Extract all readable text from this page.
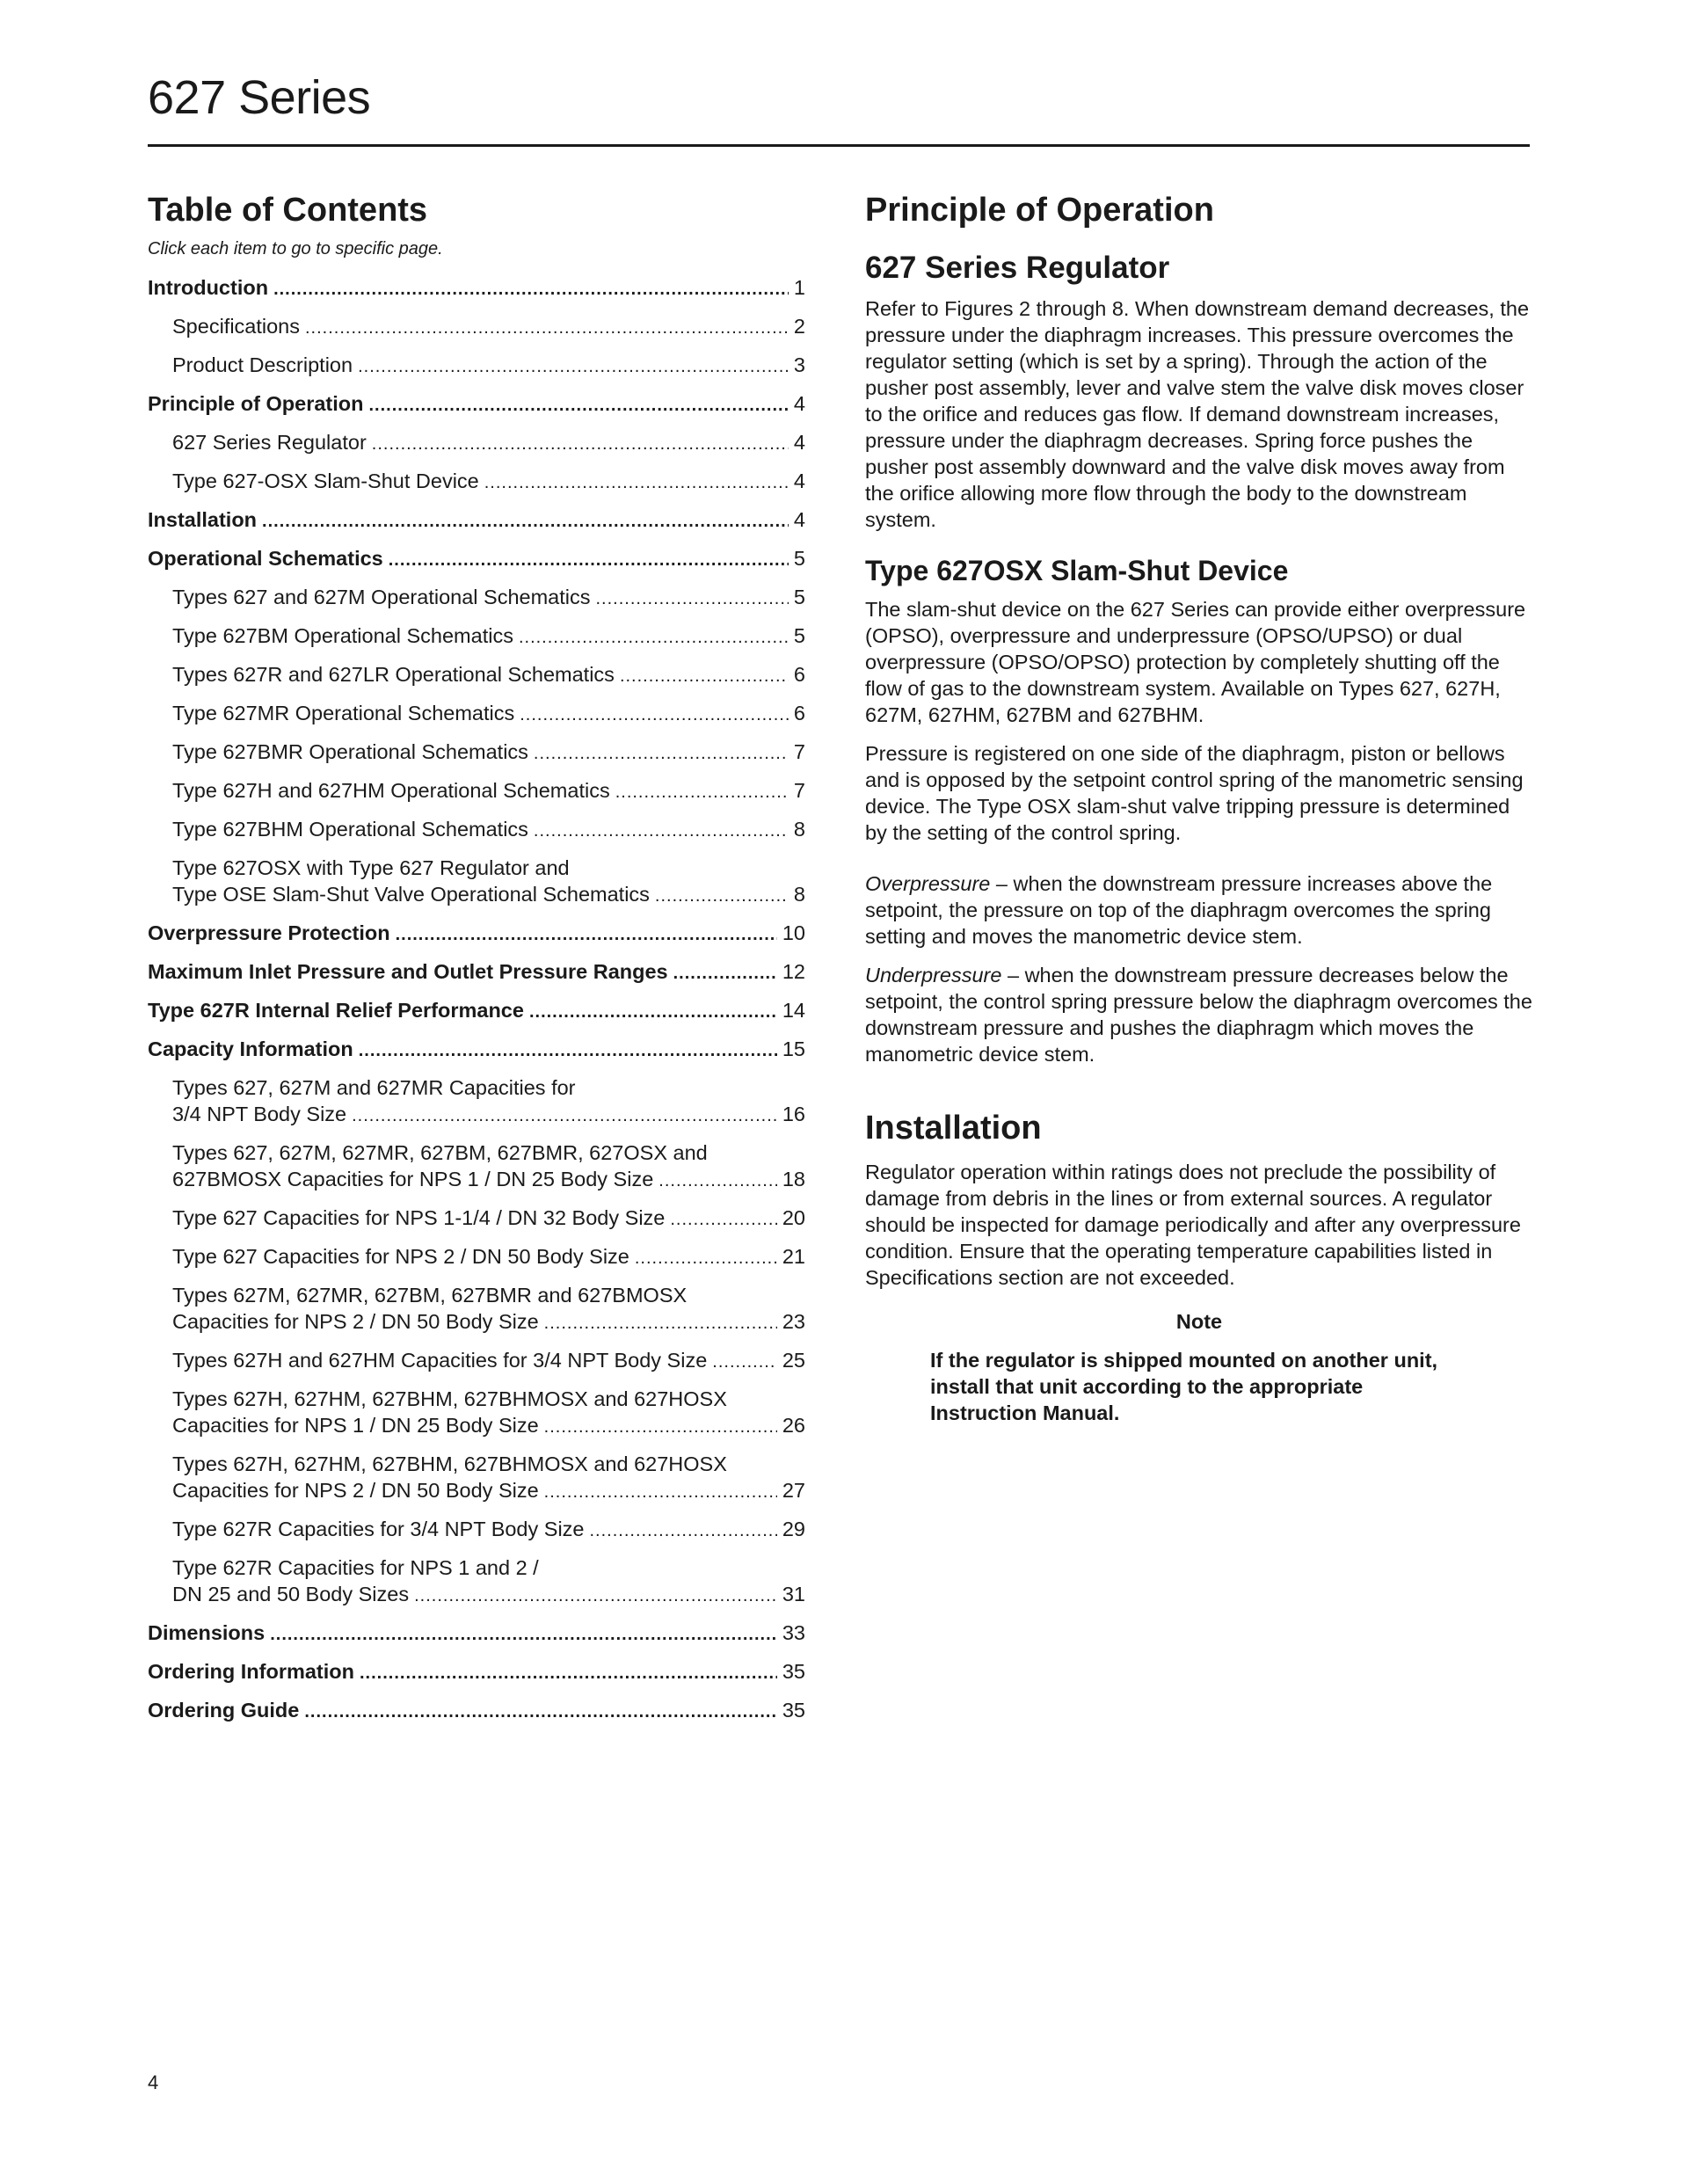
627 Series
Table of Contents
Click each item to go to specific page.
Introduction .....	1
Specifications .....	2
Product Description .....	3
Principle of Operation .....	4
627 Series Regulator .....	4
Type 627-OSX Slam-Shut Device .....	4
Installation .....	4
Operational Schematics .....	5
Types 627 and 627M Operational Schematics .....	5
Type 627BM Operational Schematics .....	5
Types 627R and 627LR Operational Schematics .....	6
Type 627MR Operational Schematics .....	6
Type 627BMR Operational Schematics .....	7
Type 627H and 627HM Operational Schematics .....	7
Type 627BHM Operational Schematics .....	8
Type 627OSX with Type 627 Regulator and
Type OSE Slam-Shut Valve Operational Schematics .....	8
Overpressure Protection .....	10
Maximum Inlet Pressure and Outlet Pressure Ranges .....	12
Type 627R Internal Relief Performance .....	14
Capacity Information .....	15
Types 627, 627M and 627MR Capacities for
3/4 NPT Body Size .....	16
Types 627, 627M, 627MR, 627BM, 627BMR, 627OSX and
627BMOSX Capacities for NPS 1 / DN 25 Body Size .....	18
Type 627 Capacities for NPS 1-1/4 / DN 32 Body Size .....	20
Type 627 Capacities for NPS 2 / DN 50 Body Size .....	21
Types 627M, 627MR, 627BM, 627BMR and 627BMOSX
Capacities for NPS 2 / DN 50 Body Size .....	23
Types 627H and 627HM Capacities for 3/4 NPT Body Size .....	25
Types 627H, 627HM, 627BHM, 627BHMOSX and 627HOSX
Capacities for NPS 1 / DN 25 Body Size .....	26
Types 627H, 627HM, 627BHM, 627BHMOSX and 627HOSX
Capacities for NPS 2 / DN 50 Body Size .....	27
Type 627R Capacities for 3/4 NPT Body Size .....	29
Type 627R Capacities for NPS 1 and 2 /
DN 25 and 50 Body Sizes .....	31
Dimensions .....	33
Ordering Information .....	35
Ordering Guide .....	35
Principle of Operation
627 Series Regulator

Refer to Figures 2 through 8. When downstream demand decreases, the pressure under the diaphragm increases. This pressure overcomes the regulator setting (which is set by a spring). Through the action of the pusher post assembly, lever and valve stem the valve disk moves closer to the orifice and reduces gas flow. If demand downstream increases, pressure under the diaphragm decreases. Spring force pushes the pusher post assembly downward and the valve disk moves away from the orifice allowing more flow through the body to the downstream system.

Type 627OSX Slam-Shut Device

The slam-shut device on the 627 Series can provide either overpressure (OPSO), overpressure and underpressure (OPSO/UPSO) or dual overpressure (OPSO/OPSO) protection by completely shutting off the flow of gas to the downstream system. Available on Types 627, 627H, 627M, 627HM, 627BM and 627BHM.

Pressure is registered on one side of the diaphragm, piston or bellows and is opposed by the setpoint control spring of the manometric sensing device. The Type OSX slam-shut valve tripping pressure is determined by the setting of the control spring.

Overpressure – when the downstream pressure increases above the setpoint, the pressure on top of the diaphragm overcomes the spring setting and moves the manometric device stem.

Underpressure – when the downstream pressure decreases below the setpoint, the control spring pressure below the diaphragm overcomes the downstream pressure and pushes the diaphragm which moves the manometric device stem.

Installation

Regulator operation within ratings does not preclude the possibility of damage from debris in the lines or from external sources. A regulator should be inspected for damage periodically and after any overpressure condition. Ensure that the operating temperature capabilities listed in Specifications section are not exceeded.

Note
If the regulator is shipped mounted on another unit, install that unit according to the appropriate Instruction Manual.
4
